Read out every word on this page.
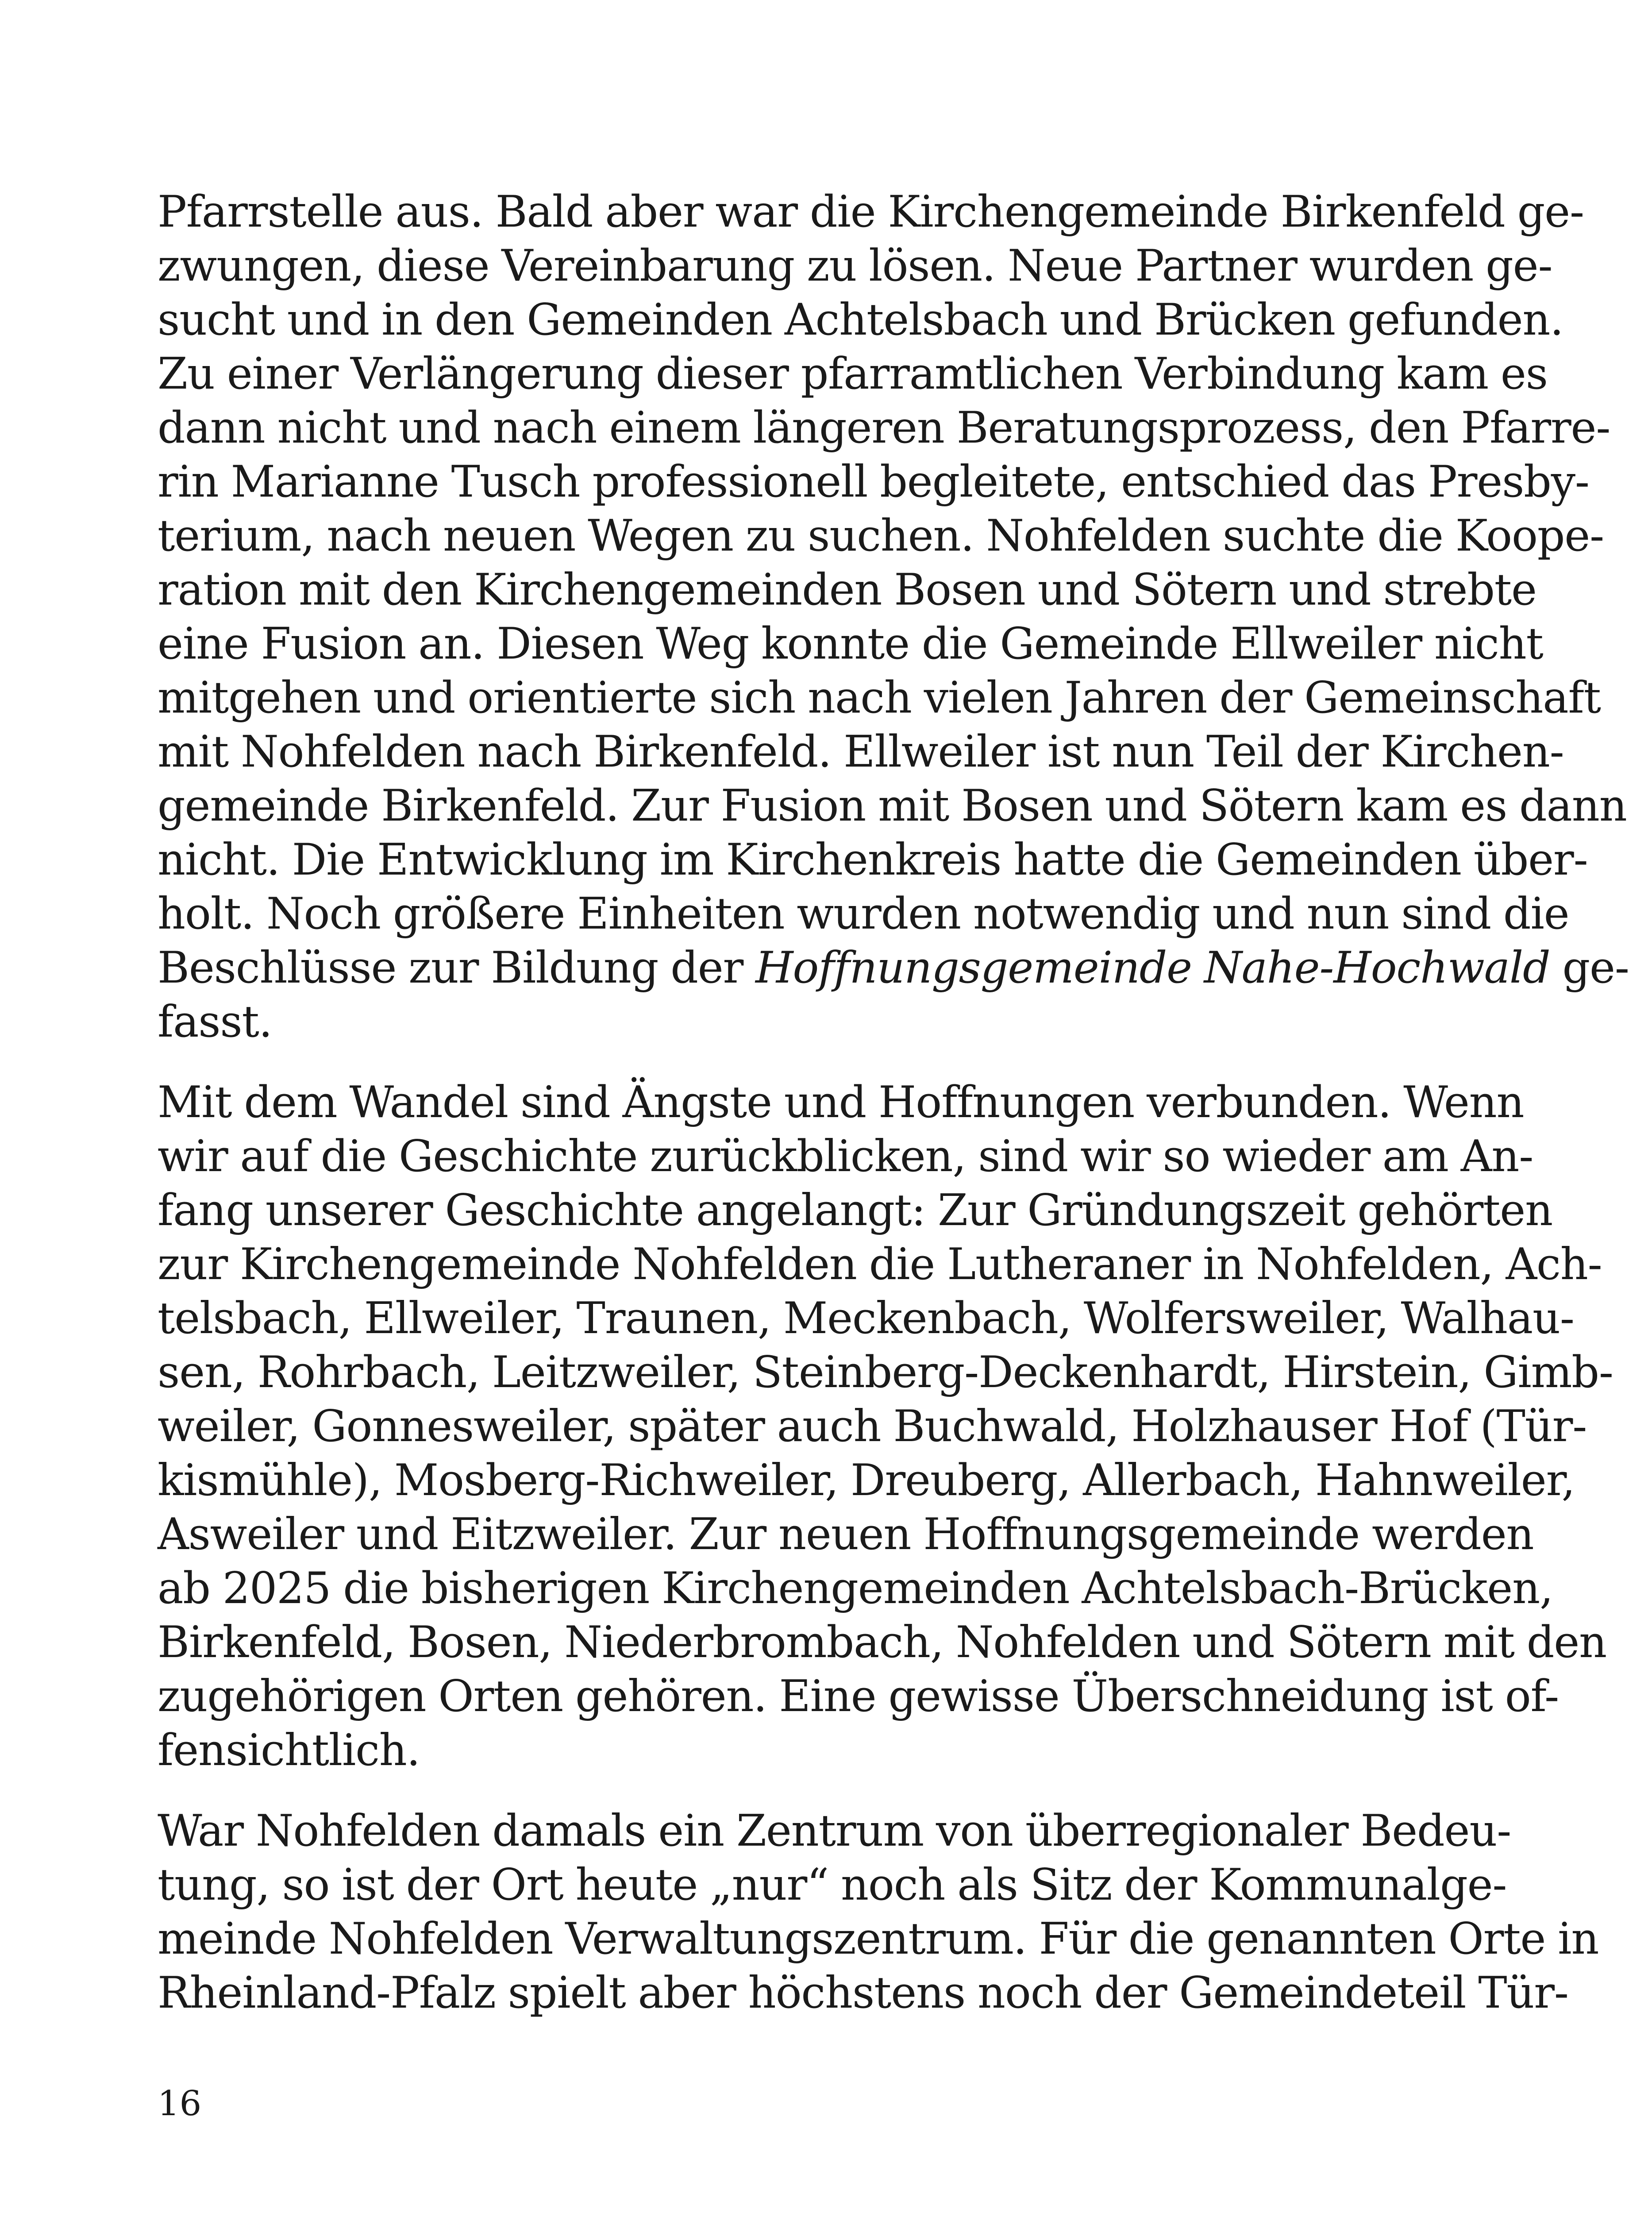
Pfarrstelle aus. Bald aber war die Kirchengemeinde Birkenfeld ge-
zwungen, diese Vereinbarung zu lösen. Neue Partner wurden ge-
sucht und in den Gemeinden Achtelsbach und Brücken gefunden.
Zu einer Verlängerung dieser pfarramtlichen Verbindung kam es
dann nicht und nach einem längeren Beratungsprozess, den Pfarre-
rin Marianne Tusch professionell begleitete, entschied das Presby-
terium, nach neuen Wegen zu suchen. Nohfelden suchte die Koope-
ration mit den Kirchengemeinden Bosen und Sötern und strebte
eine Fusion an. Diesen Weg konnte die Gemeinde Ellweiler nicht
mitgehen und orientierte sich nach vielen Jahren der Gemeinschaft
mit Nohfelden nach Birkenfeld. Ellweiler ist nun Teil der Kirchen-
gemeinde Birkenfeld. Zur Fusion mit Bosen und Sötern kam es dann
nicht. Die Entwicklung im Kirchenkreis hatte die Gemeinden über-
holt. Noch größere Einheiten wurden notwendig und nun sind die
Beschlüsse zur Bildung der Hoffnungsgemeinde Nahe-Hochwald ge-
fasst.
Mit dem Wandel sind Ängste und Hoffnungen verbunden. Wenn
wir auf die Geschichte zurückblicken, sind wir so wieder am An-
fang unserer Geschichte angelangt: Zur Gründungszeit gehörten
zur Kirchengemeinde Nohfelden die Lutheraner in Nohfelden, Ach-
telsbach, Ellweiler, Traunen, Meckenbach, Wolfersweiler, Walhau-
sen, Rohrbach, Leitzweiler, Steinberg-Deckenhardt, Hirstein, Gimb-
weiler, Gonnesweiler, später auch Buchwald, Holzhauser Hof (Tür-
kismühle), Mosberg-Richweiler, Dreuberg, Allerbach, Hahnweiler,
Asweiler und Eitzweiler. Zur neuen Hoffnungsgemeinde werden
ab 2025 die bisherigen Kirchengemeinden Achtelsbach-Brücken,
Birkenfeld, Bosen, Niederbrombach, Nohfelden und Sötern mit den
zugehörigen Orten gehören. Eine gewisse Überschneidung ist of-
fensichtlich.
War Nohfelden damals ein Zentrum von überregionaler Bedeu-
tung, so ist der Ort heute „nur“ noch als Sitz der Kommunalge-
meinde Nohfelden Verwaltungszentrum. Für die genannten Orte in
Rheinland-Pfalz spielt aber höchstens noch der Gemeindeteil Tür-
16
